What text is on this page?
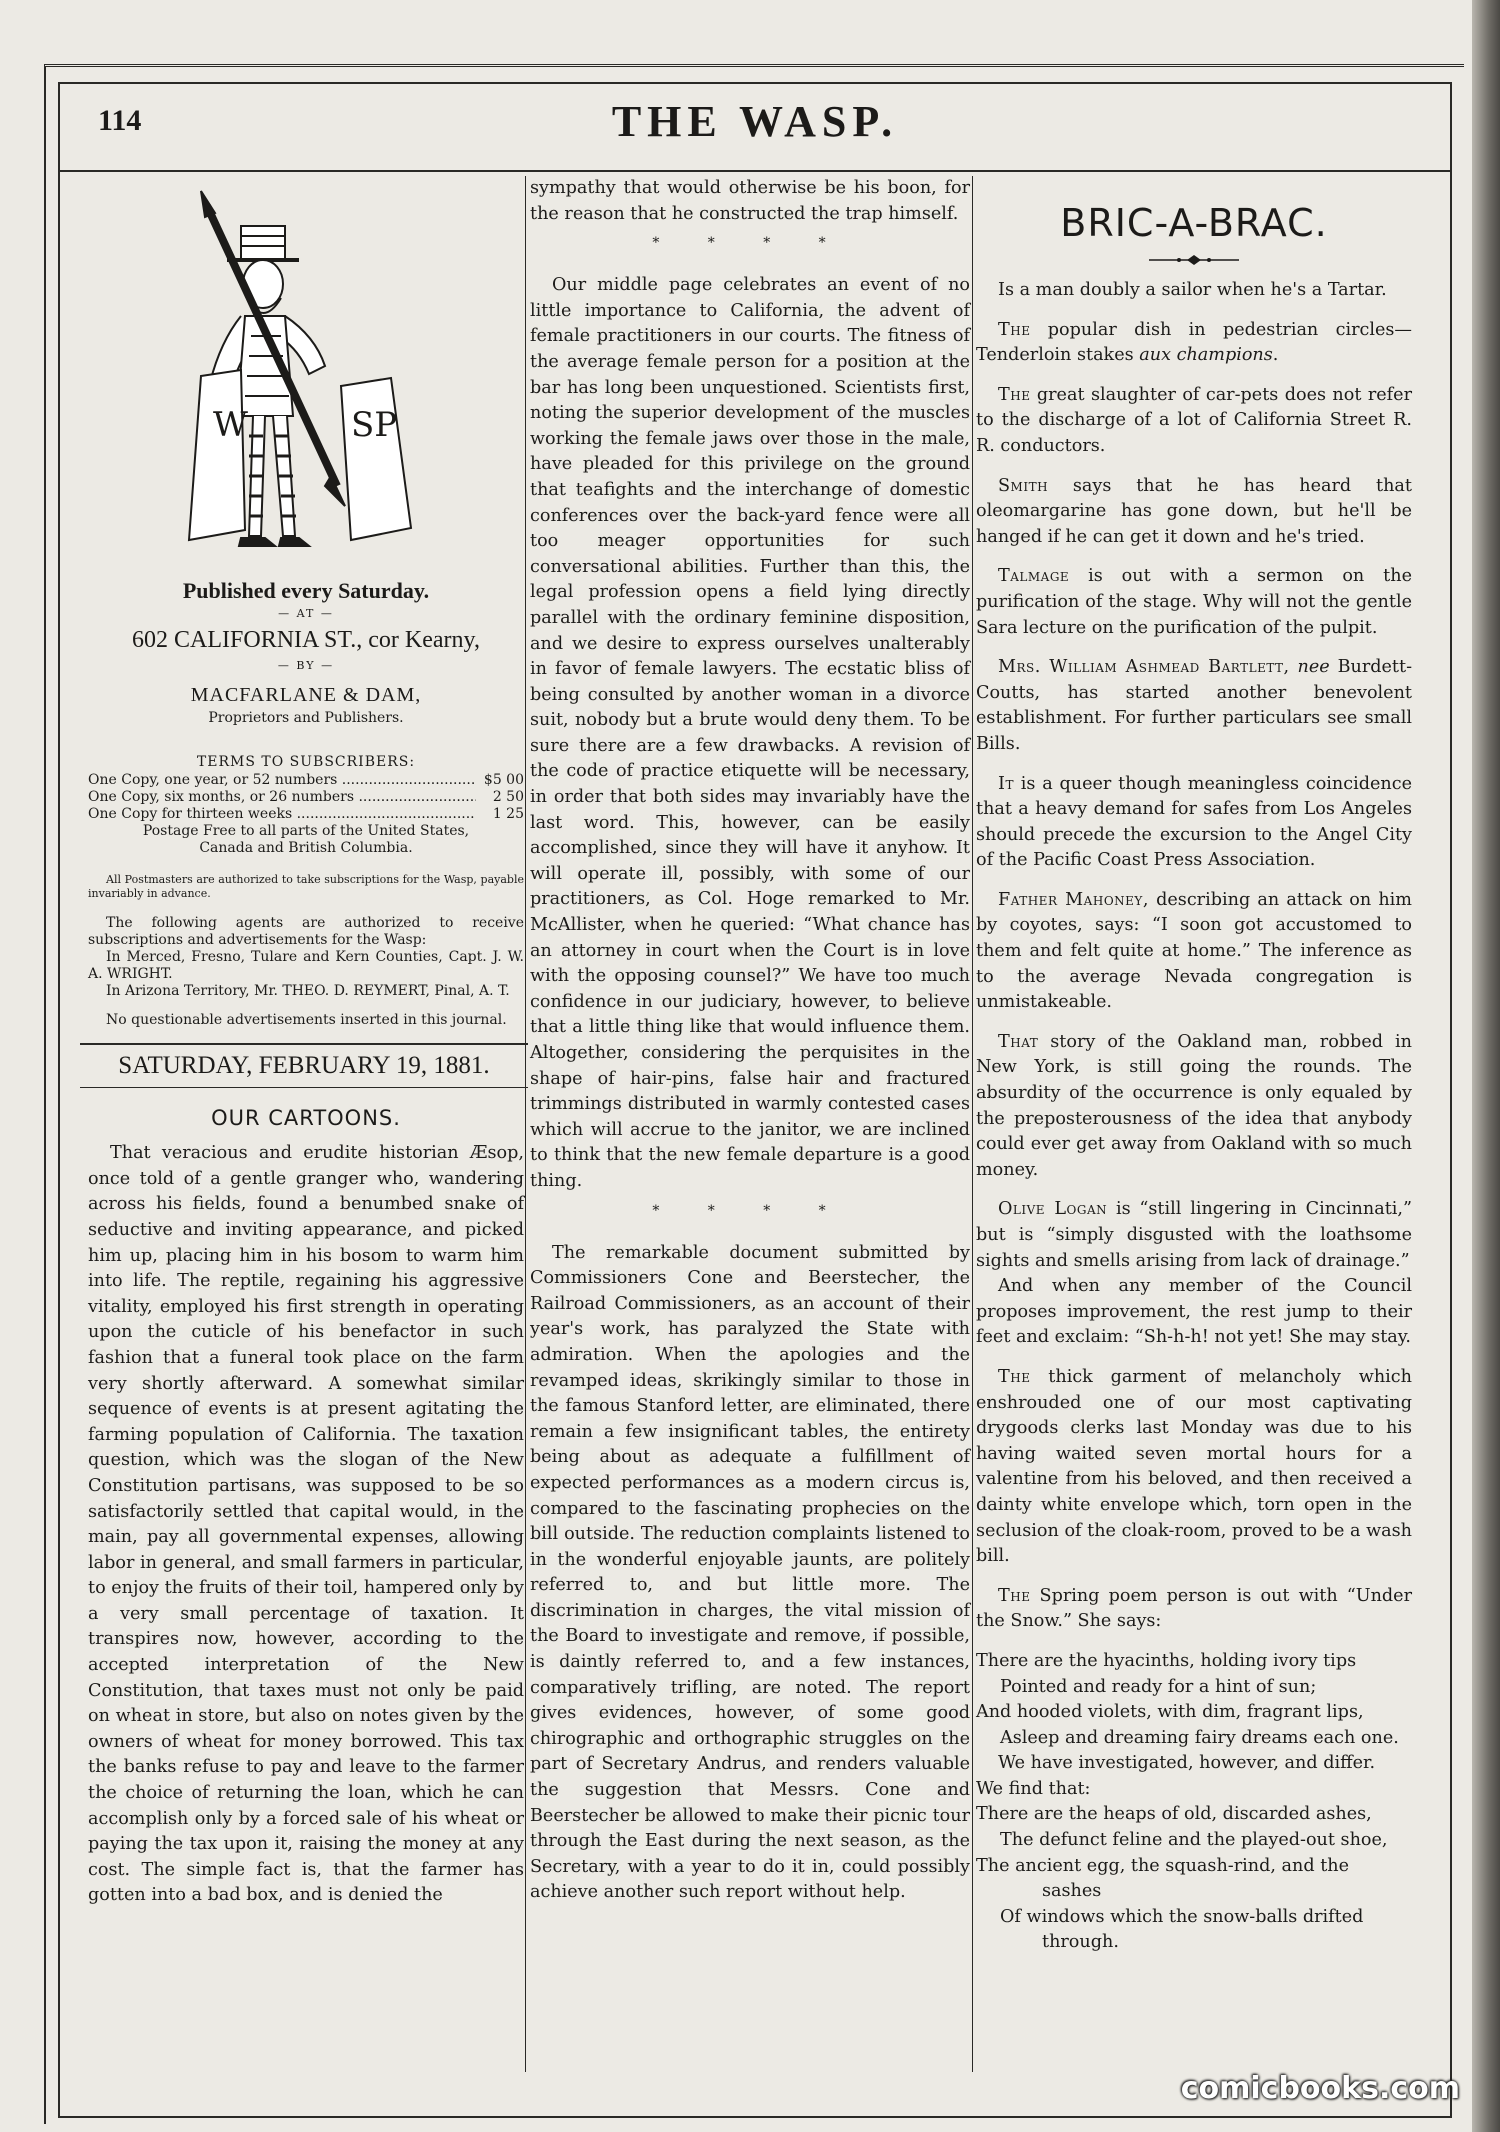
114	THE WASP.
W	SP
Published every Saturday.
— AT —
602 CALIFORNIA ST., cor Kearny,
— BY —
MACFARLANE & DAM,
Proprietors and Publishers.
TERMS TO SUBSCRIBERS:
One Copy, one year, or 52 numbers .....	$5 00
One Copy, six months, or 26 numbers .....	2 50
One Copy for thirteen weeks .....	1 25
Postage Free to all parts of the United States,
Canada and British Columbia.

All Postmasters are authorized to take subscriptions for the Wasp, payable invariably in advance.

The following agents are authorized to receive subscriptions and advertisements for the Wasp:

In Merced, Fresno, Tulare and Kern Counties, Capt. J. W. A. WRIGHT.

In Arizona Territory, Mr. THEO. D. REYMERT, Pinal, A. T.

No questionable advertisements inserted in this journal.

SATURDAY, FEBRUARY 19, 1881.
OUR CARTOONS.

That veracious and erudite historian Æsop, once told of a gentle granger who, wandering across his fields, found a benumbed snake of seductive and inviting appearance, and picked him up, placing him in his bosom to warm him into life. The reptile, regaining his aggressive vitality, employed his first strength in operating upon the cuticle of his benefactor in such fashion that a funeral took place on the farm very shortly afterward. A somewhat similar sequence of events is at present agitating the farming population of California. The taxation question, which was the slogan of the New Constitution partisans, was supposed to be so satisfactorily settled that capital would, in the main, pay all governmental expenses, allowing labor in general, and small farmers in particular, to enjoy the fruits of their toil, hampered only by a very small percentage of taxation. It transpires now, however, according to the accepted interpretation of the New Constitution, that taxes must not only be paid on wheat in store, but also on notes given by the owners of wheat for money borrowed. This tax the banks refuse to pay and leave to the farmer the choice of returning the loan, which he can accomplish only by a forced sale of his wheat or paying the tax upon it, raising the money at any cost. The simple fact is, that the farmer has gotten into a bad box, and is denied the

sympathy that would otherwise be his boon, for the reason that he constructed the trap himself.

* * * *

Our middle page celebrates an event of no little importance to California, the advent of female practitioners in our courts. The fitness of the average female person for a position at the bar has long been unquestioned. Scientists first, noting the superior development of the muscles working the female jaws over those in the male, have pleaded for this privilege on the ground that teafights and the interchange of domestic conferences over the back-yard fence were all too meager opportunities for such conversational abilities. Further than this, the legal profession opens a field lying directly parallel with the ordinary feminine disposition, and we desire to express ourselves unalterably in favor of female lawyers. The ecstatic bliss of being consulted by another woman in a divorce suit, nobody but a brute would deny them. To be sure there are a few drawbacks. A revision of the code of practice etiquette will be necessary, in order that both sides may invariably have the last word. This, however, can be easily accomplished, since they will have it anyhow. It will operate ill, possibly, with some of our practitioners, as Col. Hoge remarked to Mr. McAllister, when he queried: “What chance has an attorney in court when the Court is in love with the opposing counsel?” We have too much confidence in our judiciary, however, to believe that a little thing like that would influence them. Altogether, considering the perquisites in the shape of hair-pins, false hair and fractured trimmings distributed in warmly contested cases which will accrue to the janitor, we are inclined to think that the new female departure is a good thing.

* * * *

The remarkable document submitted by Commissioners Cone and Beerstecher, the Railroad Commissioners, as an account of their year's work, has paralyzed the State with admiration. When the apologies and the revamped ideas, skrikingly similar to those in the famous Stanford letter, are eliminated, there remain a few insignificant tables, the entirety being about as adequate a fulfillment of expected performances as a modern circus is, compared to the fascinating prophecies on the bill outside. The reduction complaints listened to in the wonderful enjoyable jaunts, are politely referred to, and but little more. The discrimination in charges, the vital mission of the Board to investigate and remove, if possible, is daintly referred to, and a few instances, comparatively trifling, are noted. The report gives evidences, however, of some good chirographic and orthographic struggles on the part of Secretary Andrus, and renders valuable the suggestion that Messrs. Cone and Beerstecher be allowed to make their picnic tour through the East during the next season, as the Secretary, with a year to do it in, could possibly achieve another such report without help.

BRIC-A-BRAC.

Is a man doubly a sailor when he's a Tartar.

The popular dish in pedestrian circles—Tenderloin stakes aux champions.

The great slaughter of car-pets does not refer to the discharge of a lot of California Street R. R. conductors.

Smith says that he has heard that oleomargarine has gone down, but he'll be hanged if he can get it down and he's tried.

Talmage is out with a sermon on the purification of the stage. Why will not the gentle Sara lecture on the purification of the pulpit.

Mrs. William Ashmead Bartlett, nee Burdett-Coutts, has started another benevolent establishment. For further particulars see small Bills.

It is a queer though meaningless coincidence that a heavy demand for safes from Los Angeles should precede the excursion to the Angel City of the Pacific Coast Press Association.

Father Mahoney, describing an attack on him by coyotes, says: “I soon got accustomed to them and felt quite at home.” The inference as to the average Nevada congregation is unmistakeable.

That story of the Oakland man, robbed in New York, is still going the rounds. The absurdity of the occurrence is only equaled by the preposterousness of the idea that anybody could ever get away from Oakland with so much money.

Olive Logan is “still lingering in Cincinnati,” but is “simply disgusted with the loathsome sights and smells arising from lack of drainage.”

And when any member of the Council proposes improvement, the rest jump to their feet and exclaim: “Sh-h-h! not yet! She may stay.

The thick garment of melancholy which enshrouded one of our most captivating drygoods clerks last Monday was due to his having waited seven mortal hours for a valentine from his beloved, and then received a dainty white envelope which, torn open in the seclusion of the cloak-room, proved to be a wash bill.

The Spring poem person is out with “Under the Snow.” She says:

There are the hyacinths, holding ivory tips
Pointed and ready for a hint of sun;
And hooded violets, with dim, fragrant lips,
Asleep and dreaming fairy dreams each one.

We have investigated, however, and differ.

We find that:

There are the heaps of old, discarded ashes,
The defunct feline and the played-out shoe,
The ancient egg, the squash-rind, and the
sashes
Of windows which the snow-balls drifted
through.
comicbooks.com
